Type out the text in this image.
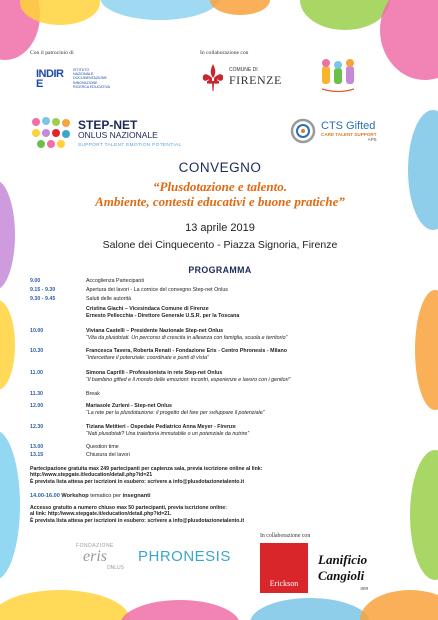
Con il patrocinio di	In collaborazione con
INDIRE
ISTITUTO
NAZIONALE
DOCUMENTAZIONE
INNOVAZIONE
RICERCA EDUCATIVA
COMUNE DI
FIRENZE
STEP-NET
ONLUS NAZIONALE
SUPPORT TALENT EMOTION POTENTIAL
CTS Gifted
CARE TALENT SUPPORT
APS
CONVEGNO
“Plusdotazione e talento.
Ambiente, contesti educativi e buone pratiche”
13 aprile 2019
Salone dei Cinquecento - Piazza Signoria, Firenze
PROGRAMMA
9.00	Accoglienza Partecipanti
9.15 - 9.30	Apertura dei lavori - La cornice del convegno Step-net Onlus
9.30 - 9.45	Saluti delle autorità
Cristina Giachi – Vicesindaca Comune di Firenze
Ernesto Pellecchia - Direttore Generale U.S.R. per la Toscana
10.00	Viviana Castelli – Presidente Nazionale Step-net Onlus
“Vita da plusdotati. Un percorso di crescita in alleanza con famiglia, scuola e territorio”
10.30	Francesca Tavera, Roberta Renati - Fondazione Eris - Centro Phronesis - Milano
“Intercettare il potenziale: coordinate e punti di vista”
11.00	Simona Caprilli - Professionista in rete Step-net Onlus
“Il bambino gifted e il mondo delle emozioni: incontri, esperienze e lavoro con i genitori”
11.30	Break
12.00	Mariasole Zurleni - Step-net Onlus
“La rete per la plusdotazione: il progetto del fare per sviluppare il potenziale”
12.30	Tiziana Metitieri - Ospedale Pediatrico Anna Meyer - Firenze
“Nati plusdotati? Una traiettoria immutabile o un potenziale da nutrire”
13.00	Question time
13.15	Chiusura dei lavori
Partecipazione gratuita max 249 partecipanti per capienza sala, previa iscrizione online al link:
http://www.stepgate.it/education/detail.php?id=21
È prevista lista attesa per iscrizioni in esubero: scrivere a info@plusdotazionetalento.it
14.00-16.00 Workshop tematico per insegnanti
Accesso gratuito a numero chiuso max 50 partecipanti, previa iscrizione online:
al link: http://www.stepgate.it/education/detail.php?id=21.
È prevista lista attesa per iscrizioni in esubero: scrivere a info@plusdotazionetalento.it
In collaborazione con
FONDAZIONE
eris
ONLUS
PHRONESIS
Erickson
Lanificio Cangioli
1859
